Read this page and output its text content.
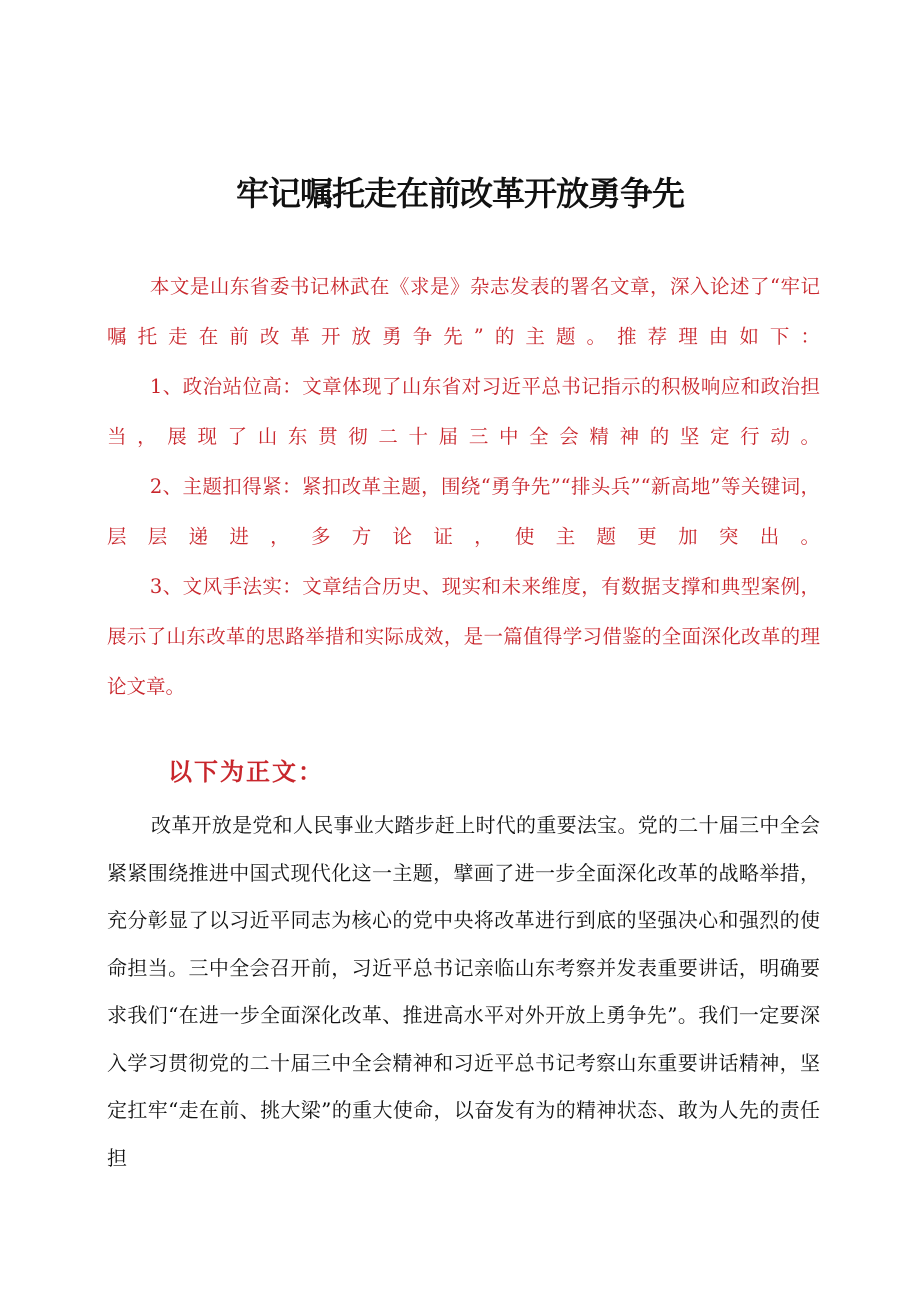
牢记嘱托走在前改革开放勇争先

本文是山东省委书记林武在《求是》杂志发表的署名文章，深入论述了“牢记嘱托走在前改革开放勇争先”的主题。推荐理由如下：

1、政治站位高：文章体现了山东省对习近平总书记指示的积极响应和政治担当，展现了山东贯彻二十届三中全会精神的坚定行动。

2、主题扣得紧：紧扣改革主题，围绕“勇争先”“排头兵”“新高地”等关键词，层层递进，多方论证，使主题更加突出。

3、文风手法实：文章结合历史、现实和未来维度，有数据支撑和典型案例，展示了山东改革的思路举措和实际成效，是一篇值得学习借鉴的全面深化改革的理论文章。

以下为正文：

改革开放是党和人民事业大踏步赶上时代的重要法宝。党的二十届三中全会紧紧围绕推进中国式现代化这一主题，擘画了进一步全面深化改革的战略举措，充分彰显了以习近平同志为核心的党中央将改革进行到底的坚强决心和强烈的使命担当。三中全会召开前，习近平总书记亲临山东考察并发表重要讲话，明确要求我们“在进一步全面深化改革、推进高水平对外开放上勇争先”。我们一定要深入学习贯彻党的二十届三中全会精神和习近平总书记考察山东重要讲话精神，坚定扛牢“走在前、挑大梁”的重大使命，以奋发有为的精神状态、敢为人先的责任担
